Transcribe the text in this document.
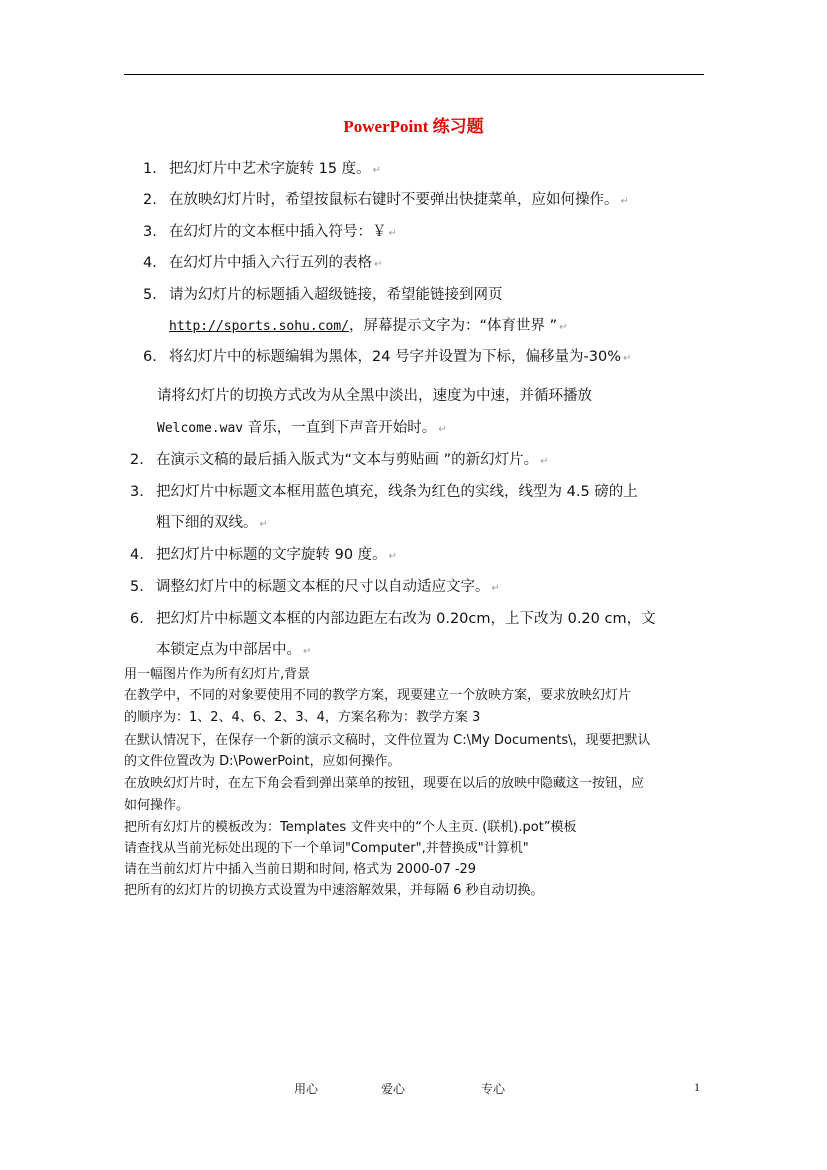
PowerPoint 练习题
1. 把幻灯片中艺术字旋转 15 度。 ↵
2. 在放映幻灯片时，希望按鼠标右键时不要弹出快捷菜单，应如何操作。 ↵
3. 在幻灯片的文本框中插入符号：￥ ↵
4. 在幻灯片中插入六行五列的表格 ↵
5. 请为幻灯片的标题插入超级链接，希望能链接到网页
http://sports.sohu.com/，屏幕提示文字为：“体育世界 ” ↵
6. 将幻灯片中的标题编辑为黑体，24 号字并设置为下标，偏移量为-30% ↵
请将幻灯片的切换方式改为从全黑中淡出，速度为中速，并循环播放
Welcome.wav 音乐，一直到下声音开始时。 ↵
2. 在演示文稿的最后插入版式为“文本与剪贴画 ”的新幻灯片。 ↵
3. 把幻灯片中标题文本框用蓝色填充，线条为红色的实线，线型为 4.5 磅的上
粗下细的双线。 ↵
4. 把幻灯片中标题的文字旋转 90 度。 ↵
5. 调整幻灯片中的标题文本框的尺寸以自动适应文字。 ↵
6. 把幻灯片中标题文本框的内部边距左右改为 0.20cm，上下改为 0.20 cm，文
本锁定点为中部居中。 ↵
用一幅图片作为所有幻灯片,背景
在教学中，不同的对象要使用不同的教学方案，现要建立一个放映方案，要求放映幻灯片
的顺序为：1、2、4、6、2、3、4，方案名称为：教学方案 3
在默认情况下，在保存一个新的演示文稿时，文件位置为 C:\My Documents\，现要把默认
的文件位置改为 D:\PowerPoint，应如何操作。
在放映幻灯片时，在左下角会看到弹出菜单的按钮，现要在以后的放映中隐藏这一按钮，应
如何操作。
把所有幻灯片的模板改为：Templates 文件夹中的“个人主页. (联机).pot”模板
请查找从当前光标处出现的下一个单词"Computer",并替换成"计算机"
请在当前幻灯片中插入当前日期和时间, 格式为 2000-07 -29
把所有的幻灯片的切换方式设置为中速溶解效果，并每隔 6 秒自动切换。
用心	爱心	专心	1
